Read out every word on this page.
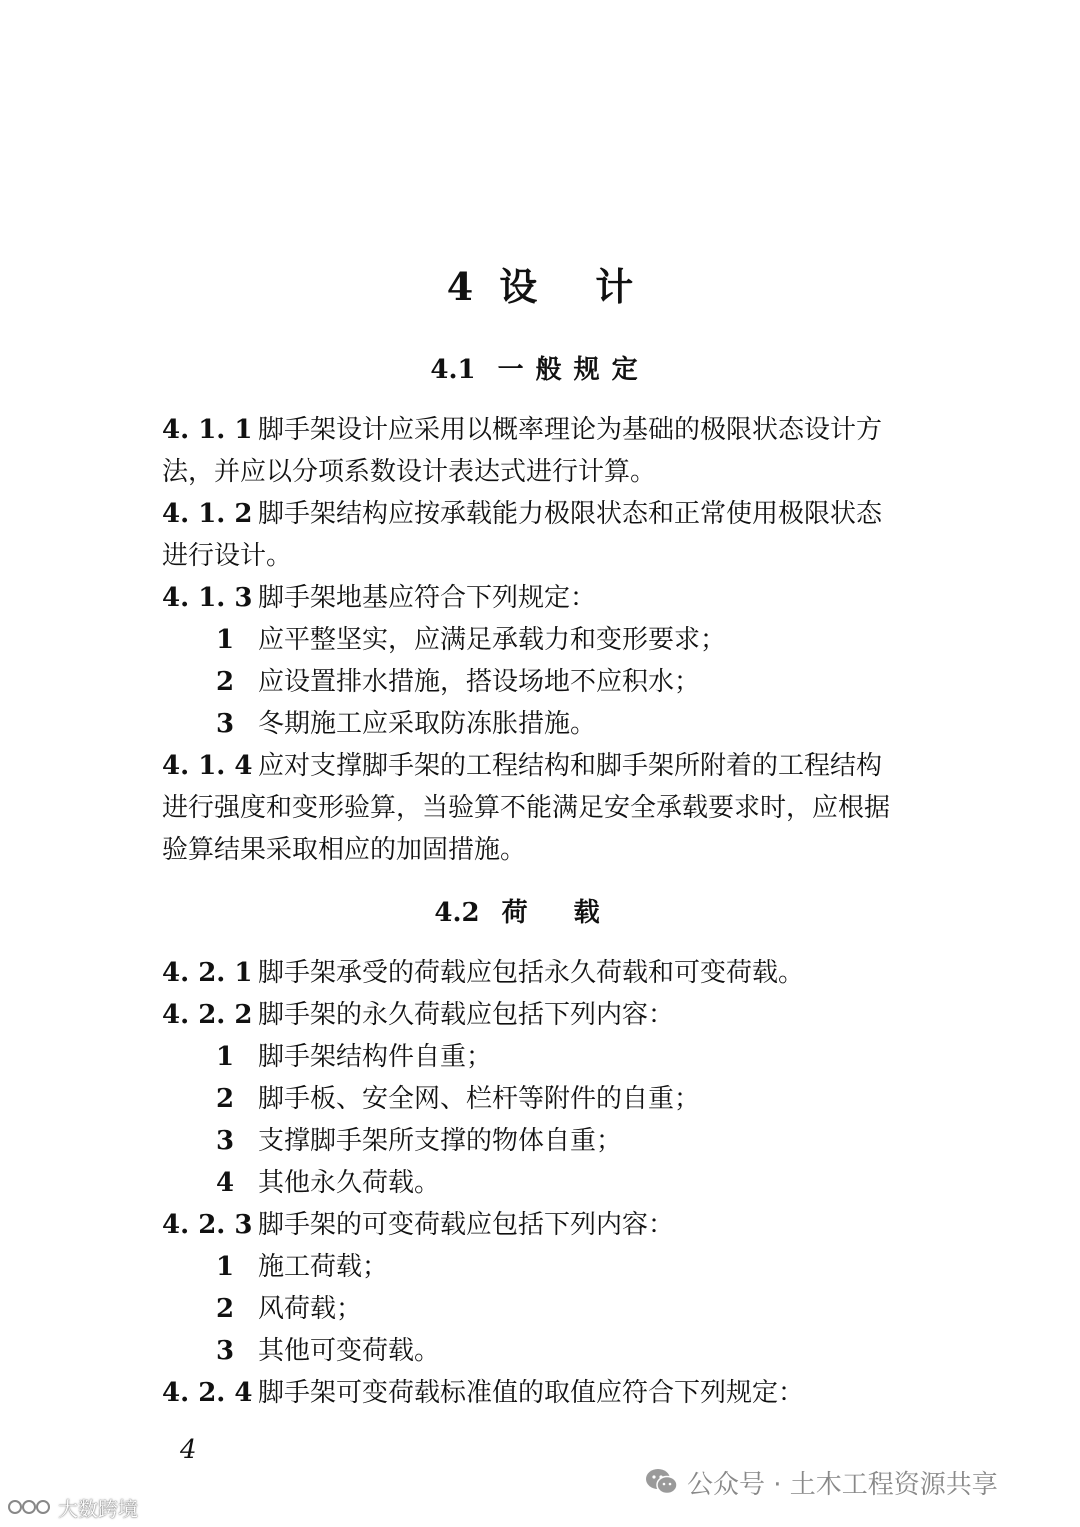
4 设计
4.1 一般规定
4.2 荷载
4. 1. 1 脚手架设计应采用以概率理论为基础的极限状态设计方
法，并应以分项系数设计表达式进行计算。
4. 1. 2 脚手架结构应按承载能力极限状态和正常使用极限状态
进行设计。
4. 1. 3 脚手架地基应符合下列规定：
1 应平整坚实，应满足承载力和变形要求；
2 应设置排水措施，搭设场地不应积水；
3 冬期施工应采取防冻胀措施。
4. 1. 4 应对支撑脚手架的工程结构和脚手架所附着的工程结构
进行强度和变形验算，当验算不能满足安全承载要求时，应根据
验算结果采取相应的加固措施。
4. 2. 1 脚手架承受的荷载应包括永久荷载和可变荷载。
4. 2. 2 脚手架的永久荷载应包括下列内容：
1 脚手架结构件自重；
2 脚手板、安全网、栏杆等附件的自重；
3 支撑脚手架所支撑的物体自重；
4 其他永久荷载。
4. 2. 3 脚手架的可变荷载应包括下列内容：
1 施工荷载；
2 风荷载；
3 其他可变荷载。
4. 2. 4 脚手架可变荷载标准值的取值应符合下列规定：
4
公众号 · 土木工程资源共享
大数跨境
